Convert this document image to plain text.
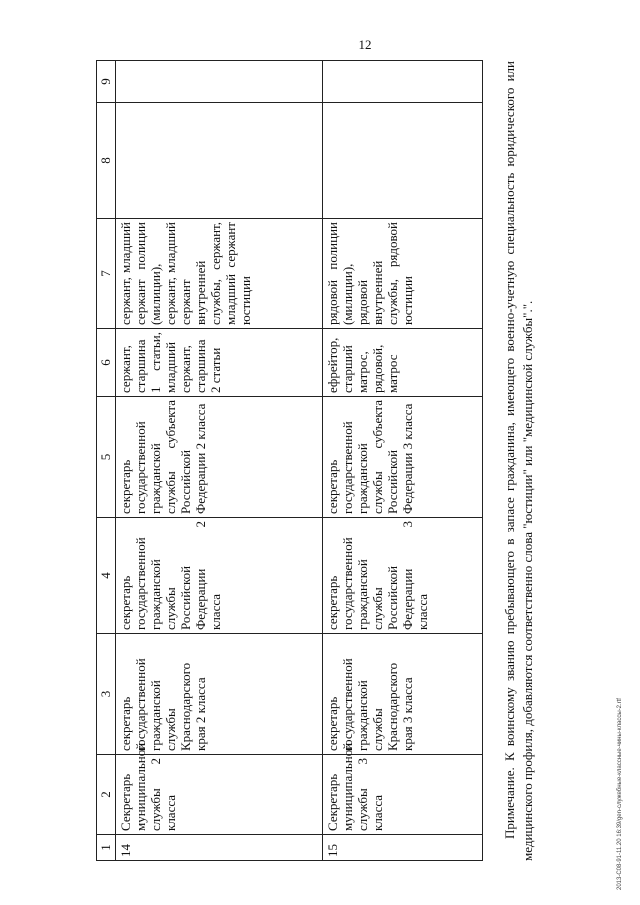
12
2013-C08-91-11.20 16:39/gen-служебные-классные-чины-классы-2.rtf
1	2	3	4	5	6	7	8	9
14	Секретарь муниципальной службы 2 класса	секретарь государственной гражданской службы Краснодарского края 2 класса	секретарь государственной гражданской службы Российской Федерации 2 класса	секретарь государственной гражданской службы субъекта Российской Федерации 2 класса	сержант, старшина 1 статьи, младший сержант, старшина 2 статьи	сержант, младший сержант полиции (милиции), сержант, младший сержант внутренней службы, сержант, младший сержант юстиции		

15	Секретарь муниципальной службы 3 класса	секретарь государственной гражданской службы Краснодарского края 3 класса	секретарь государственной гражданской службы Российской Федерации 3 класса	секретарь государственной гражданской службы субъекта Российской Федерации 3 класса	ефрейтор, старший матрос, рядовой, матрос	рядовой полиции (милиции), рядовой внутренней службы, рядовой юстиции		
			Примечание. К воинскому званию пребывающего в запасе гражданина, имеющего военно-учетную специальность юридического или медицинского профиля, добавляются соответственно слова "юстиции" или "медицинской службы".".
